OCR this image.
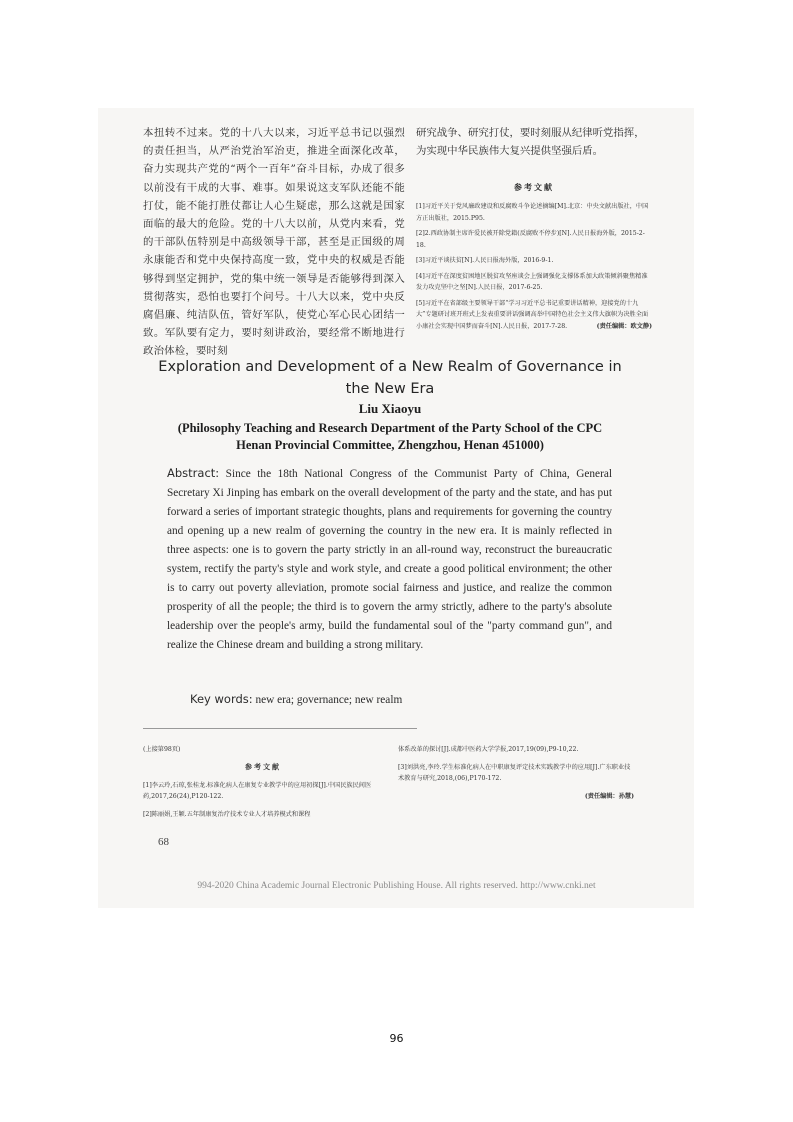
本扭转不过来。党的十八大以来，习近平总书记以强烈的责任担当，从严治党治军治吏，推进全面深化改革，奋力实现共产党的“两个一百年”奋斗目标，办成了很多以前没有干成的大事、难事。如果说这支军队还能不能打仗，能不能打胜仗都让人心生疑虑，那么这就是国家面临的最大的危险。党的十八大以前，从党内来看，党的干部队伍特别是中高级领导干部，甚至是正国级的周永康能否和党中央保持高度一致，党中央的权威是否能够得到坚定拥护，党的集中统一领导是否能够得到深入贯彻落实，恐怕也要打个问号。十八大以来，党中央反腐倡廉、纯洁队伍，管好军队，使党心军心民心团结一致。军队要有定力，要时刻讲政治，要经常不断地进行政治体检，要时刻

研究战争、研究打仗，要时刻服从纪律听党指挥，为实现中华民族伟大复兴提供坚强后盾。

参考文献
[1]习近平关于党风廉政建设和反腐败斗争论述摘编[M].北京：中央文献出版社，中国方正出版社，2015.P95.
[2]2.西政协制主席许爱民被开除党籍(反腐败不停步)[N].人民日报海外版，2015-2-18.
[3]习近平谈扶贫[N].人民日报海外版，2016-9-1.
[4]习近平在深度贫困地区脱贫攻坚座谈会上强调强化支撑体系加大政策倾斜聚焦精准发力攻克坚中之坚[N].人民日报，2017-6-25.
[5]习近平在省部级主要领导干部“学习习近平总书记重要讲话精神，迎接党的十九大”专题研讨班开班式上发表重要讲话强调高举中国特色社会主义伟大旗帜为决胜全面小康社会实现中国梦而奋斗[N].人民日报，2017-7-28.	(责任编辑：欧文静)
Exploration and Development of a New Realm of Governance in
the New Era
Liu Xiaoyu
(Philosophy Teaching and Research Department of the Party School of the CPC
Henan Provincial Committee, Zhengzhou, Henan 451000)
Abstract: Since the 18th National Congress of the Communist Party of China, General Secretary Xi Jinping has embark on the overall development of the party and the state, and has put forward a series of important strategic thoughts, plans and requirements for governing the country and opening up a new realm of governing the country in the new era. It is mainly reflected in three aspects: one is to govern the party strictly in an all-round way, reconstruct the bureaucratic system, rectify the party's style and work style, and create a good political environment; the other is to carry out poverty alleviation, promote social fairness and justice, and realize the common prosperity of all the people; the third is to govern the army strictly, adhere to the party's absolute leadership over the people's army, build the fundamental soul of the "party command gun", and realize the Chinese dream and building a strong military.
Key words: new era; governance; new realm
(上接第98页)
参考文献
[1]李云玲,石琼,张桂龙.标准化病人在康复专业教学中的应用初探[J].中国民族民间医药,2017,26(24),P120-122.
[2]陈丽娟,王颖.五年制康复治疗技术专业人才培养模式和课程
体系改革的探讨[J].成都中医药大学学报,2017,19(09),P9-10,22.
[3]刘洪亮,李玲.学生标准化病人在中职康复评定技术实践教学中的应用[J].广东职业技术教育与研究,2018,(06),P170-172.
(责任编辑：孙慧)
68
994-2020 China Academic Journal Electronic Publishing House. All rights reserved. http://www.cnki.net
96
